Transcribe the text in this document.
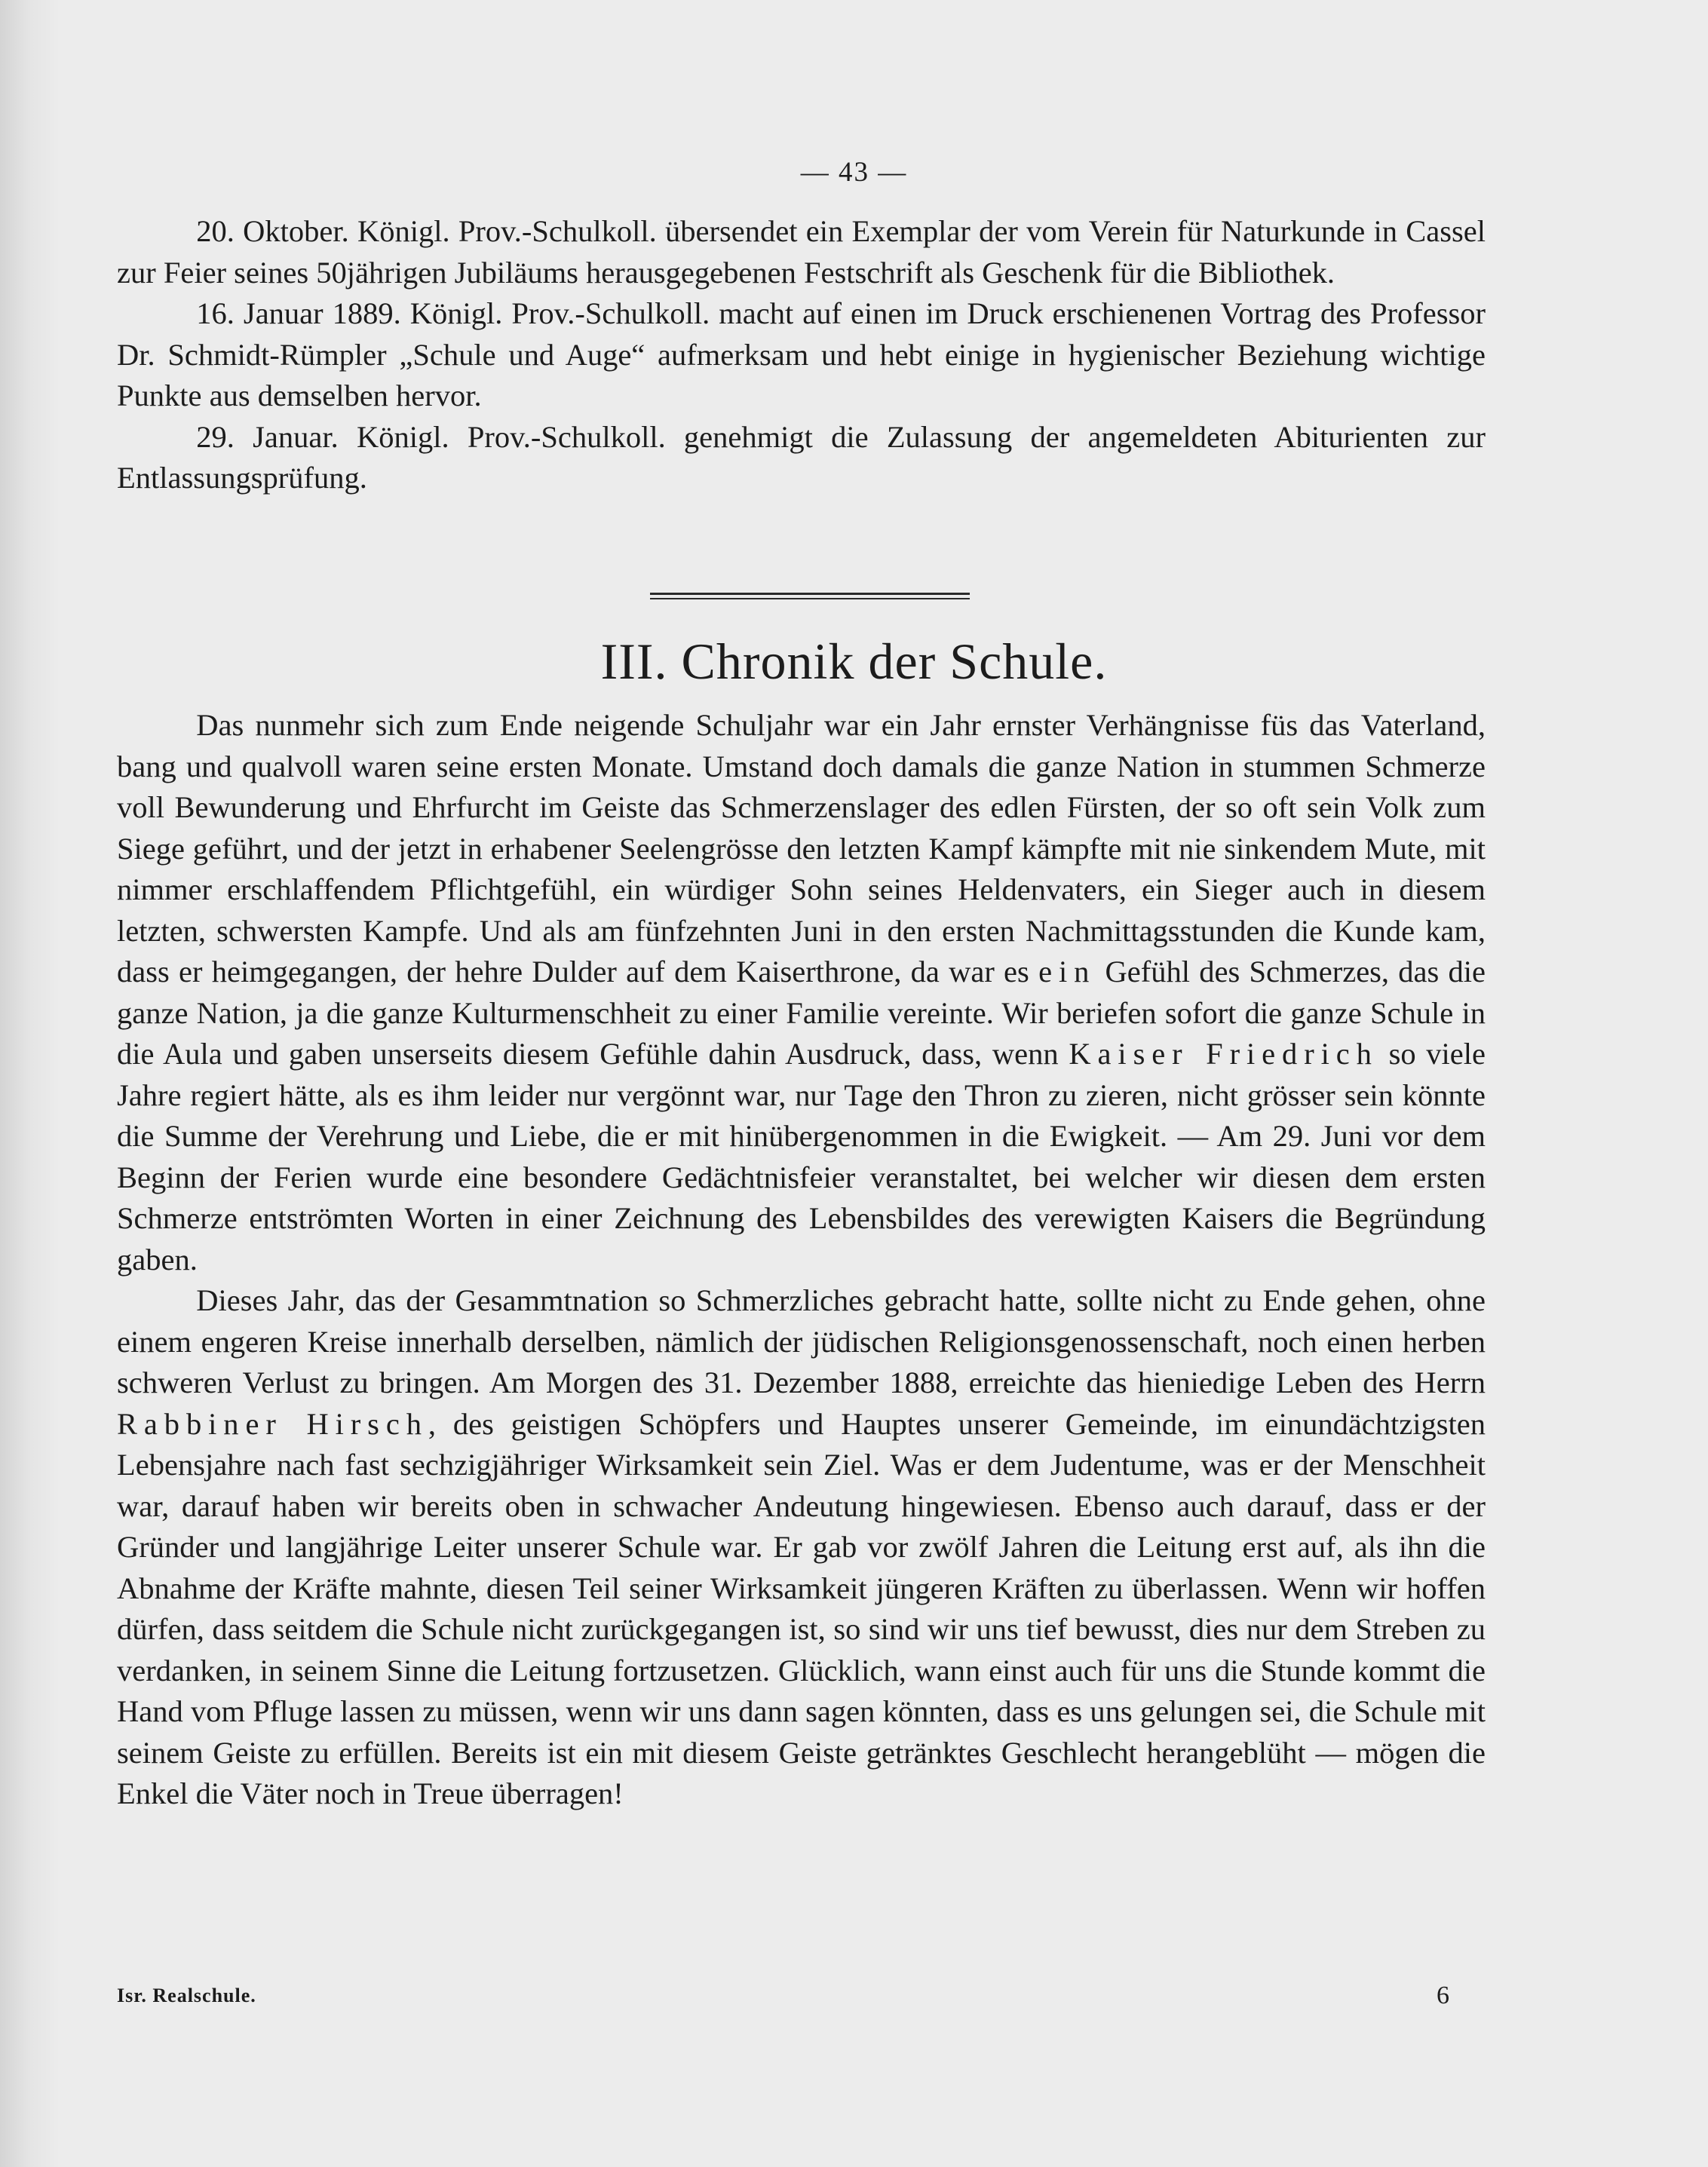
— 43 —

20. Oktober. Königl. Prov.-Schulkoll. übersendet ein Exemplar der vom Verein für Naturkunde in Cassel zur Feier seines 50jährigen Jubiläums herausgegebenen Festschrift als Geschenk für die Bibliothek.

16. Januar 1889. Königl. Prov.-Schulkoll. macht auf einen im Druck erschienenen Vortrag des Professor Dr. Schmidt-Rümpler „Schule und Auge“ aufmerksam und hebt einige in hygienischer Beziehung wichtige Punkte aus demselben hervor.

29. Januar. Königl. Prov.-Schulkoll. genehmigt die Zulassung der angemeldeten Abiturienten zur Entlassungsprüfung.

III. Chronik der Schule.

Das nunmehr sich zum Ende neigende Schuljahr war ein Jahr ernster Verhängnisse füs das Vaterland, bang und qualvoll waren seine ersten Monate. Umstand doch damals die ganze Nation in stummen Schmerze voll Bewunderung und Ehrfurcht im Geiste das Schmerzenslager des edlen Fürsten, der so oft sein Volk zum Siege geführt, und der jetzt in erhabener Seelengrösse den letzten Kampf kämpfte mit nie sinkendem Mute, mit nimmer erschlaffendem Pflichtgefühl, ein würdiger Sohn seines Heldenvaters, ein Sieger auch in diesem letzten, schwersten Kampfe. Und als am fünfzehnten Juni in den ersten Nachmittagsstunden die Kunde kam, dass er heimgegangen, der hehre Dulder auf dem Kaiserthrone, da war es ein Gefühl des Schmerzes, das die ganze Nation, ja die ganze Kulturmenschheit zu einer Familie vereinte. Wir beriefen sofort die ganze Schule in die Aula und gaben unserseits diesem Gefühle dahin Ausdruck, dass, wenn Kaiser Friedrich so viele Jahre regiert hätte, als es ihm leider nur vergönnt war, nur Tage den Thron zu zieren, nicht grösser sein könnte die Summe der Verehrung und Liebe, die er mit hinübergenommen in die Ewigkeit. — Am 29. Juni vor dem Beginn der Ferien wurde eine besondere Gedächtnisfeier veranstaltet, bei welcher wir diesen dem ersten Schmerze entströmten Worten in einer Zeichnung des Lebensbildes des verewigten Kaisers die Begründung gaben.

Dieses Jahr, das der Gesammtnation so Schmerzliches gebracht hatte, sollte nicht zu Ende gehen, ohne einem engeren Kreise innerhalb derselben, nämlich der jüdischen Religionsgenossenschaft, noch einen herben schweren Verlust zu bringen. Am Morgen des 31. Dezember 1888, erreichte das hieniedige Leben des Herrn Rabbiner Hirsch, des geistigen Schöpfers und Hauptes unserer Gemeinde, im einundächtzigsten Lebensjahre nach fast sechzigjähriger Wirksamkeit sein Ziel. Was er dem Judentume, was er der Menschheit war, darauf haben wir bereits oben in schwacher Andeutung hingewiesen. Ebenso auch darauf, dass er der Gründer und langjährige Leiter unserer Schule war. Er gab vor zwölf Jahren die Leitung erst auf, als ihn die Abnahme der Kräfte mahnte, diesen Teil seiner Wirksamkeit jüngeren Kräften zu überlassen. Wenn wir hoffen dürfen, dass seitdem die Schule nicht zurückgegangen ist, so sind wir uns tief bewusst, dies nur dem Streben zu verdanken, in seinem Sinne die Leitung fortzusetzen. Glücklich, wann einst auch für uns die Stunde kommt die Hand vom Pfluge lassen zu müssen, wenn wir uns dann sagen könnten, dass es uns gelungen sei, die Schule mit seinem Geiste zu erfüllen. Bereits ist ein mit diesem Geiste getränktes Geschlecht herangeblüht — mögen die Enkel die Väter noch in Treue überragen!

Isr. Realschule.	6
